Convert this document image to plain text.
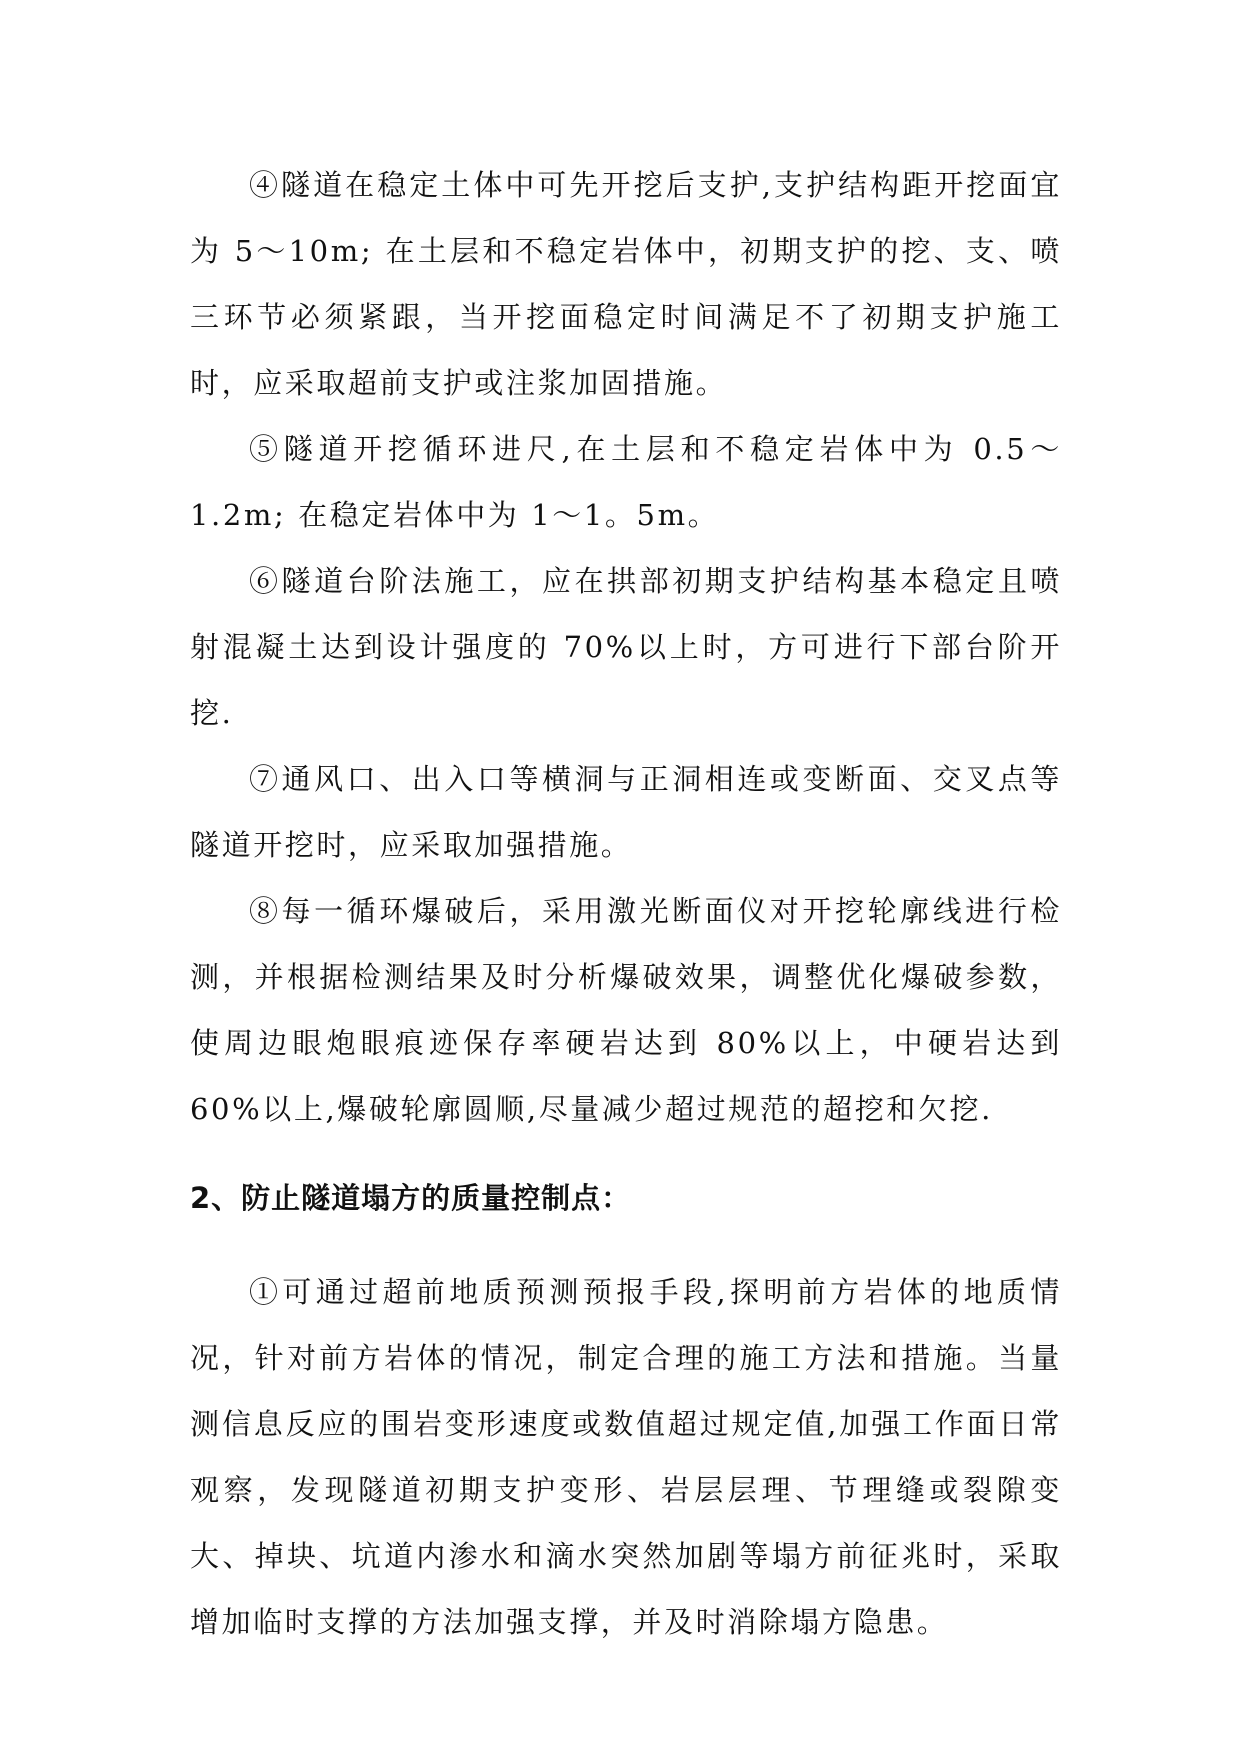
④隧道在稳定土体中可先开挖后支护,支护结构距开挖面宜为 5～10m; 在土层和不稳定岩体中，初期支护的挖、支、喷三环节必须紧跟，当开挖面稳定时间满足不了初期支护施工时，应采取超前支护或注浆加固措施。

⑤隧道开挖循环进尺,在土层和不稳定岩体中为 0.5～1.2m; 在稳定岩体中为 1～1。5m。

⑥隧道台阶法施工，应在拱部初期支护结构基本稳定且喷射混凝土达到设计强度的 70%以上时，方可进行下部台阶开挖.

⑦通风口、出入口等横洞与正洞相连或变断面、交叉点等隧道开挖时，应采取加强措施。

⑧每一循环爆破后，采用激光断面仪对开挖轮廓线进行检测，并根据检测结果及时分析爆破效果，调整优化爆破参数，使周边眼炮眼痕迹保存率硬岩达到 80%以上，中硬岩达到 60%以上,爆破轮廓圆顺,尽量减少超过规范的超挖和欠挖.

2、防止隧道塌方的质量控制点：

①可通过超前地质预测预报手段,探明前方岩体的地质情况，针对前方岩体的情况，制定合理的施工方法和措施。当量测信息反应的围岩变形速度或数值超过规定值,加强工作面日常观察，发现隧道初期支护变形、岩层层理、节理缝或裂隙变大、掉块、坑道内渗水和滴水突然加剧等塌方前征兆时，采取增加临时支撑的方法加强支撑，并及时消除塌方隐患。
